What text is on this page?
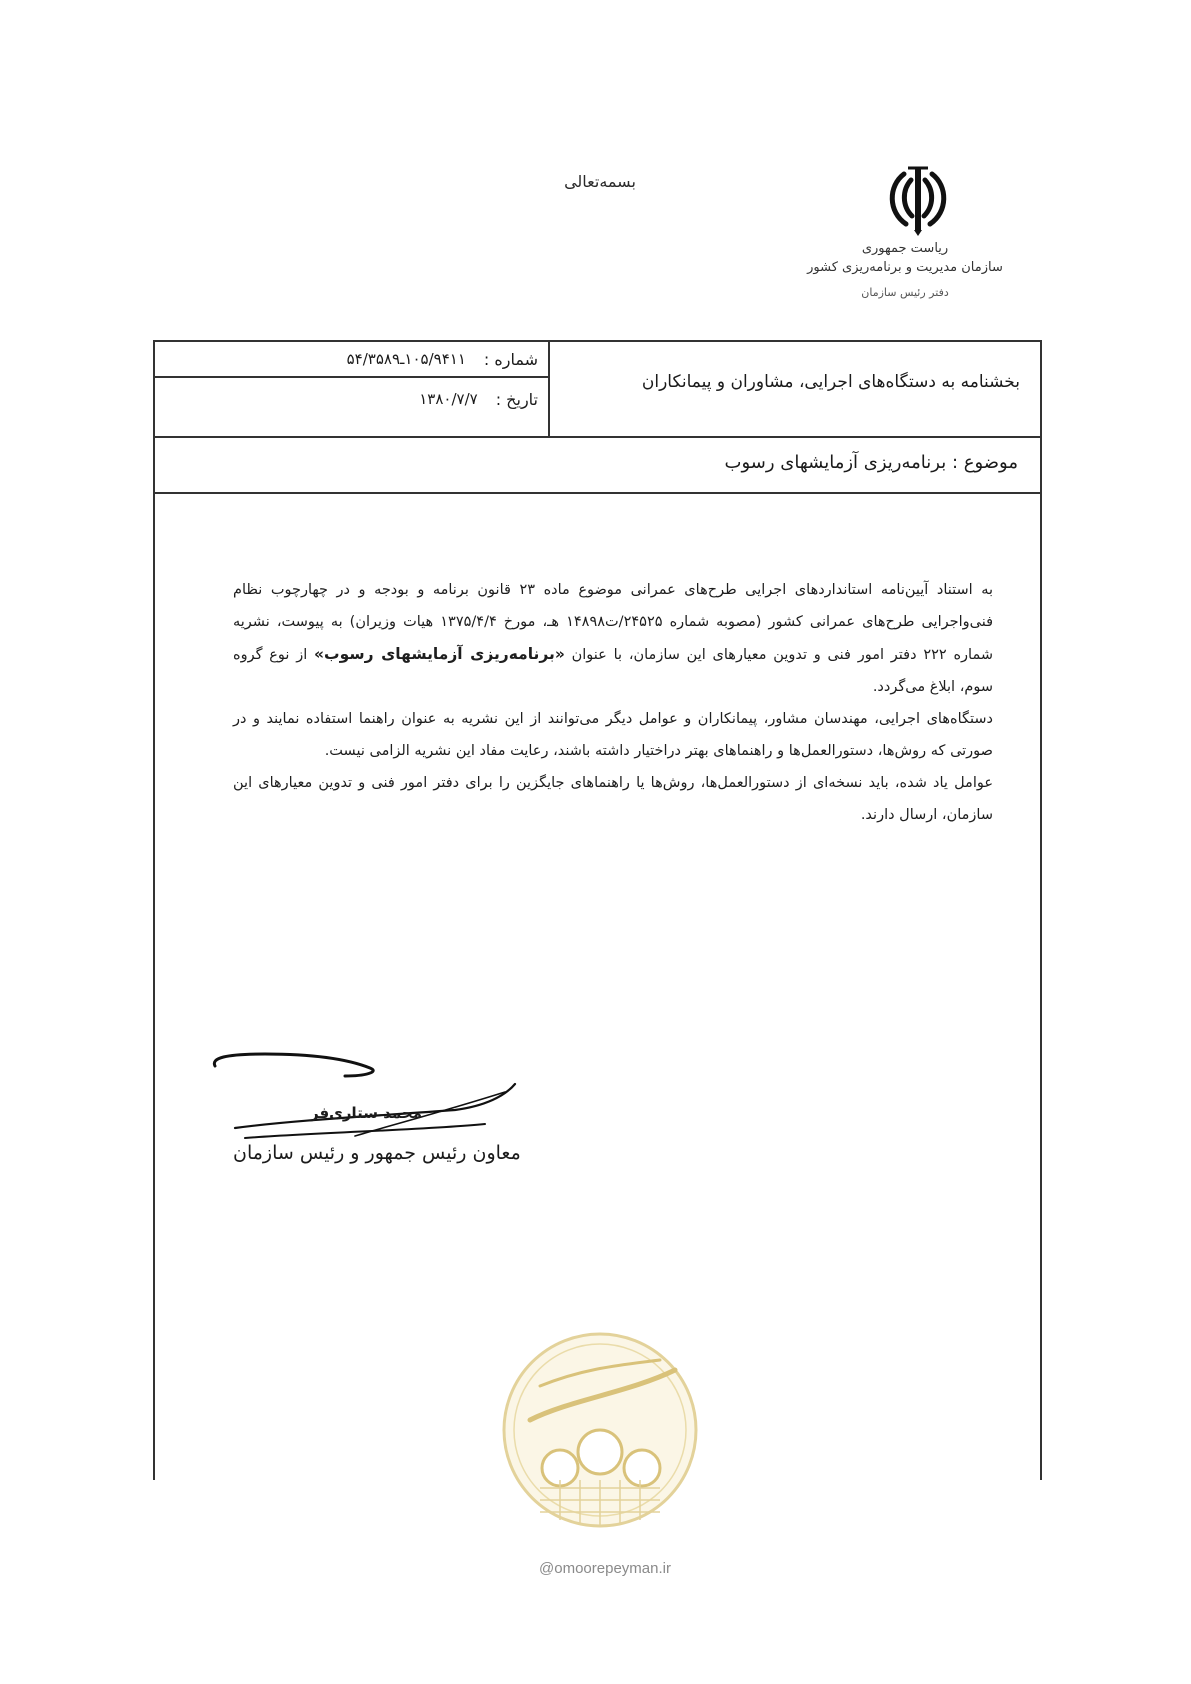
بسمه‌تعالی
ریاست جمهوری
سازمان مدیریت و برنامه‌ریزی کشور
دفتر رئیس سازمان
شماره :
۱۰۵/۹۴۱۱ـ۵۴/۳۵۸۹
تاریخ :
۱۳۸۰/۷/۷
بخشنامه به دستگاه‌های اجرایی، مشاوران و پیمانکاران
موضوع : برنامه‌ریزی آزمایشهای رسوب

به استناد آیین‌نامه استانداردهای اجرایی طرح‌های عمرانی موضوع ماده ۲۳ قانون برنامه و بودجه و در چهارچوب نظام فنی‌واجرایی طرح‌های عمرانی کشور (مصوبه شماره ۲۴۵۲۵/ت۱۴۸۹۸ هـ، مورخ ۱۳۷۵/۴/۴ هیات وزیران) به پیوست، نشریه شماره ۲۲۲ دفتر امور فنی و تدوین معیارهای این سازمان، با عنوان «برنامه‌ریزی آزمایشهای رسوب» از نوع گروه سوم، ابلاغ می‌گردد.

دستگاه‌های اجرایی، مهندسان مشاور، پیمانکاران و عوامل دیگر می‌توانند از این نشریه به عنوان راهنما استفاده نمایند و در صورتی که روش‌ها، دستورالعمل‌ها و راهنماهای بهتر دراختیار داشته باشند، رعایت مفاد این نشریه الزامی نیست.

عوامل یاد شده، باید نسخه‌ای از دستورالعمل‌ها، روش‌ها یا راهنماهای جایگزین را برای دفتر امور فنی و تدوین معیارهای این سازمان، ارسال دارند.

محمد ستاری‌فر
معاون رئیس جمهور و رئیس سازمان
@omoorepeyman.ir
